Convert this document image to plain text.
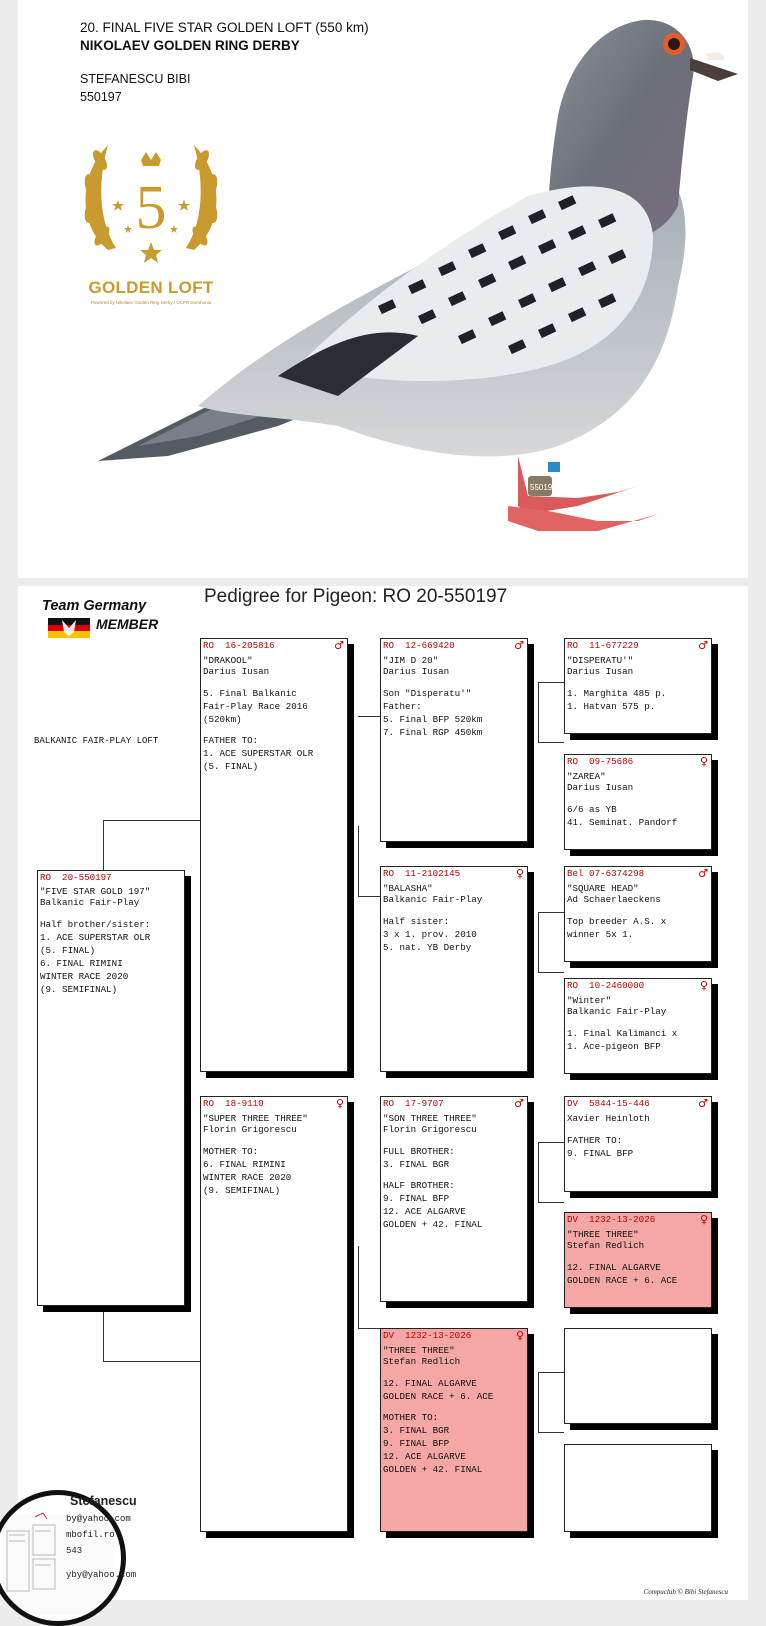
20. FINAL FIVE STAR GOLDEN LOFT (550 km)
NIKOLAEV GOLDEN RING DERBY
STEFANESCU BIBI
550197
550197
5
GOLDEN LOFT
Powered by Nikolaev Golden Ring Derby / UCPR Dorohonia
Team Germany
MEMBER
Pedigree for Pigeon: RO 20-550197
BALKANIC FAIR-PLAY LOFT
RO  20-550197
"FIVE STAR GOLD 197"
Balkanic Fair-Play
Half brother/sister:
1. ACE SUPERSTAR OLR
(5. FINAL)
6. FINAL RIMINI
WINTER RACE 2020
(9. SEMIFINAL)
RO  16-205816	♂
"DRAKOOL"
Darius Iusan
5. Final Balkanic
Fair-Play Race 2016
(520km)
FATHER TO:
1. ACE SUPERSTAR OLR
(5. FINAL)
RO  18-9110	♀
"SUPER THREE THREE"
Florin Grigorescu
MOTHER TO:
6. FINAL RIMINI
WINTER RACE 2020
(9. SEMIFINAL)
RO  12-669420	♂
"JIM D 20"
Darius Iusan
Son "Disperatu'"
Father:
5. Final BFP 520km
7. Final RGP 450km
RO  11-2102145	♀
"BALASHA"
Balkanic Fair-Play
Half sister:
3 x 1. prov. 2010
5. nat. YB Derby
RO  17-9707	♂
"SON THREE THREE"
Florin Grigorescu
FULL BROTHER:
3. FINAL BGR
HALF BROTHER:
9. FINAL BFP
12. ACE ALGARVE
GOLDEN + 42. FINAL
DV  1232-13-2026	♀
"THREE THREE"
Stefan Redlich
12. FINAL ALGARVE
GOLDEN RACE + 6. ACE
MOTHER TO:
3. FINAL BGR
9. FINAL BFP
12. ACE ALGARVE
GOLDEN + 42. FINAL
RO  11-677229	♂
"DISPERATU'"
Darius Iusan
1. Marghita 485 p.
1. Hatvan 575 p.
RO  09-75686	♀
"ZAREA"
Darius Iusan
6/6 as YB
41. Seminat. Pandorf
Bel 07-6374298	♂
"SQUARE HEAD"
Ad Schaerlaeckens
Top breeder A.S. x
winner 5x 1.
RO  10-2460000	♀
"Winter"
Balkanic Fair-Play
1. Final Kalimanci x
1. Ace-pigeon BFP
DV  5844-15-446	♂
Xavier Heinloth
FATHER TO:
9. FINAL BFP
DV  1232-13-2026	♀
"THREE THREE"
Stefan Redlich
12. FINAL ALGARVE
GOLDEN RACE + 6. ACE
Compuclub © Bibi Stefanescu
Stefanescu
by@yahoo.com
mbofil.ro
543
yby@yahoo.com
